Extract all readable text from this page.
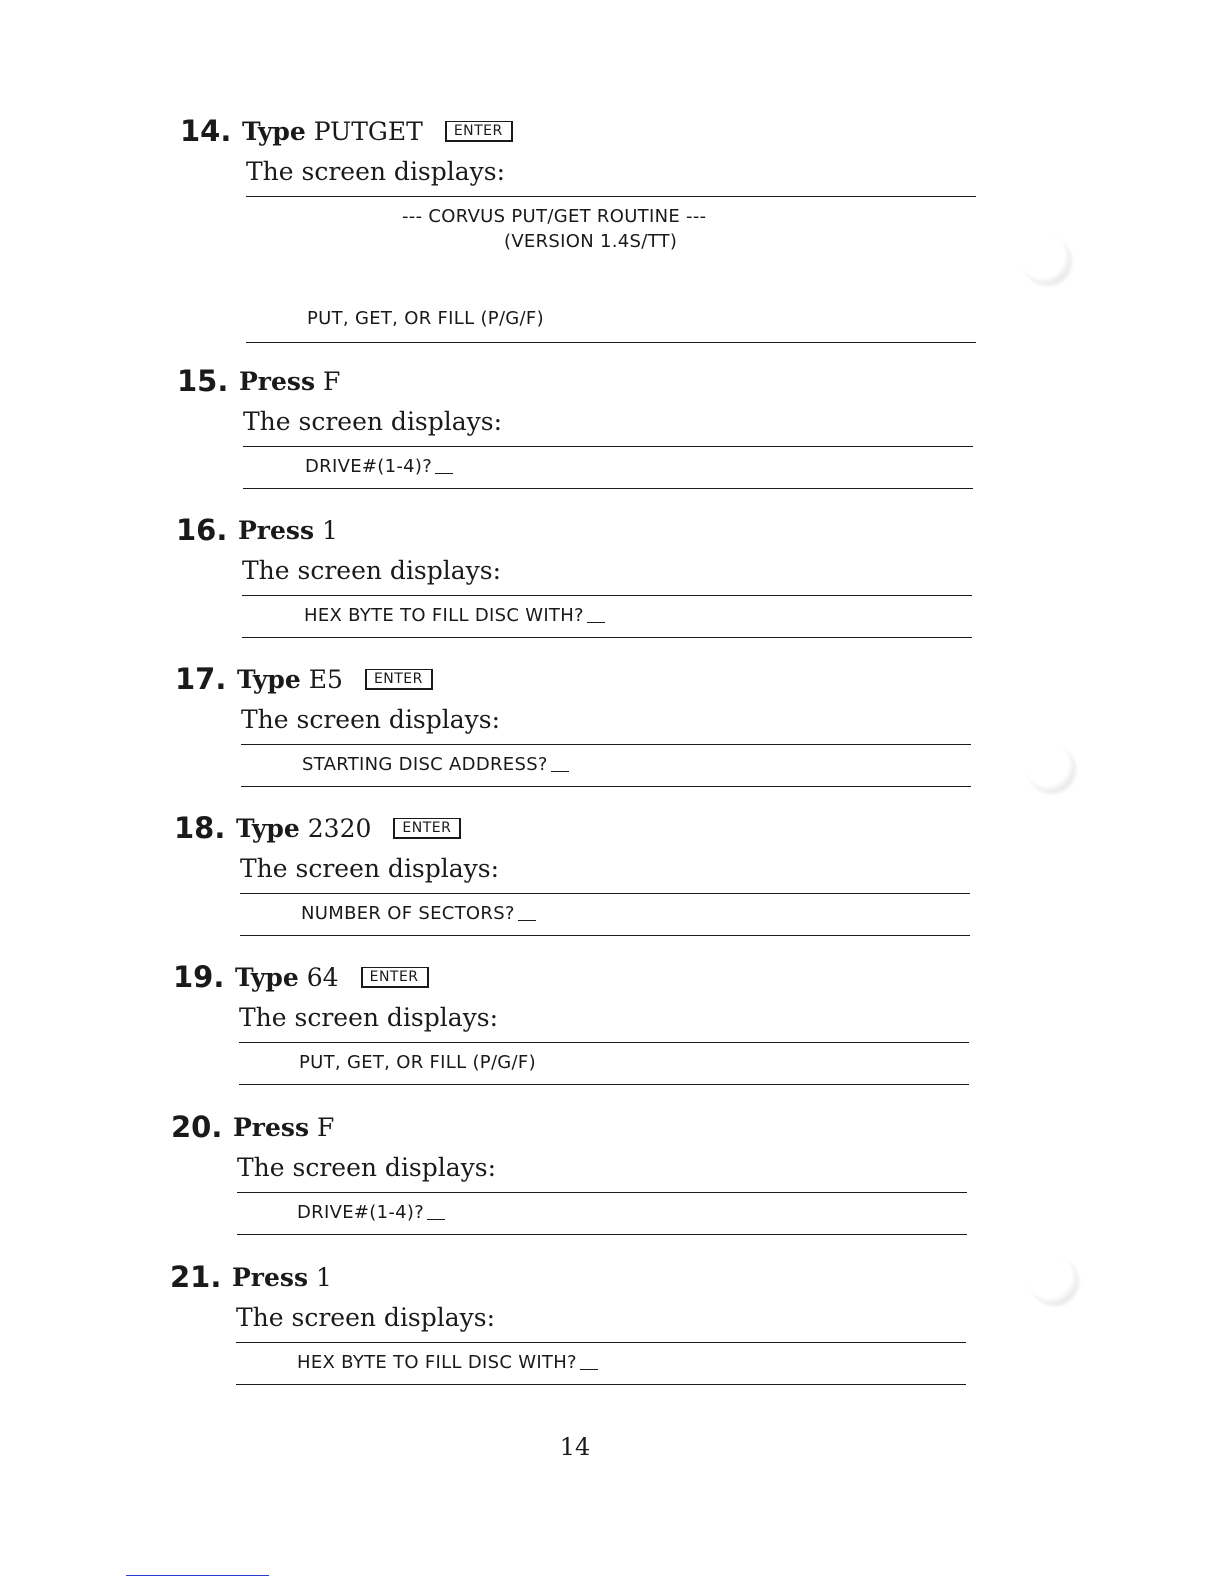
14. Type PUTGET	ENTER
The screen displays:
--- CORVUS PUT/GET ROUTINE ---
(VERSION 1.4S/TT)
PUT, GET, OR FILL (P/G/F)
15. Press F
The screen displays:
DRIVE#(1-4)?
16. Press 1
The screen displays:
HEX BYTE TO FILL DISC WITH?
17. Type E5	ENTER
The screen displays:
STARTING DISC ADDRESS?
18. Type 2320	ENTER
The screen displays:
NUMBER OF SECTORS?
19. Type 64	ENTER
The screen displays:
PUT, GET, OR FILL (P/G/F)
20. Press F
The screen displays:
DRIVE#(1-4)?
21. Press 1
The screen displays:
HEX BYTE TO FILL DISC WITH?
14
